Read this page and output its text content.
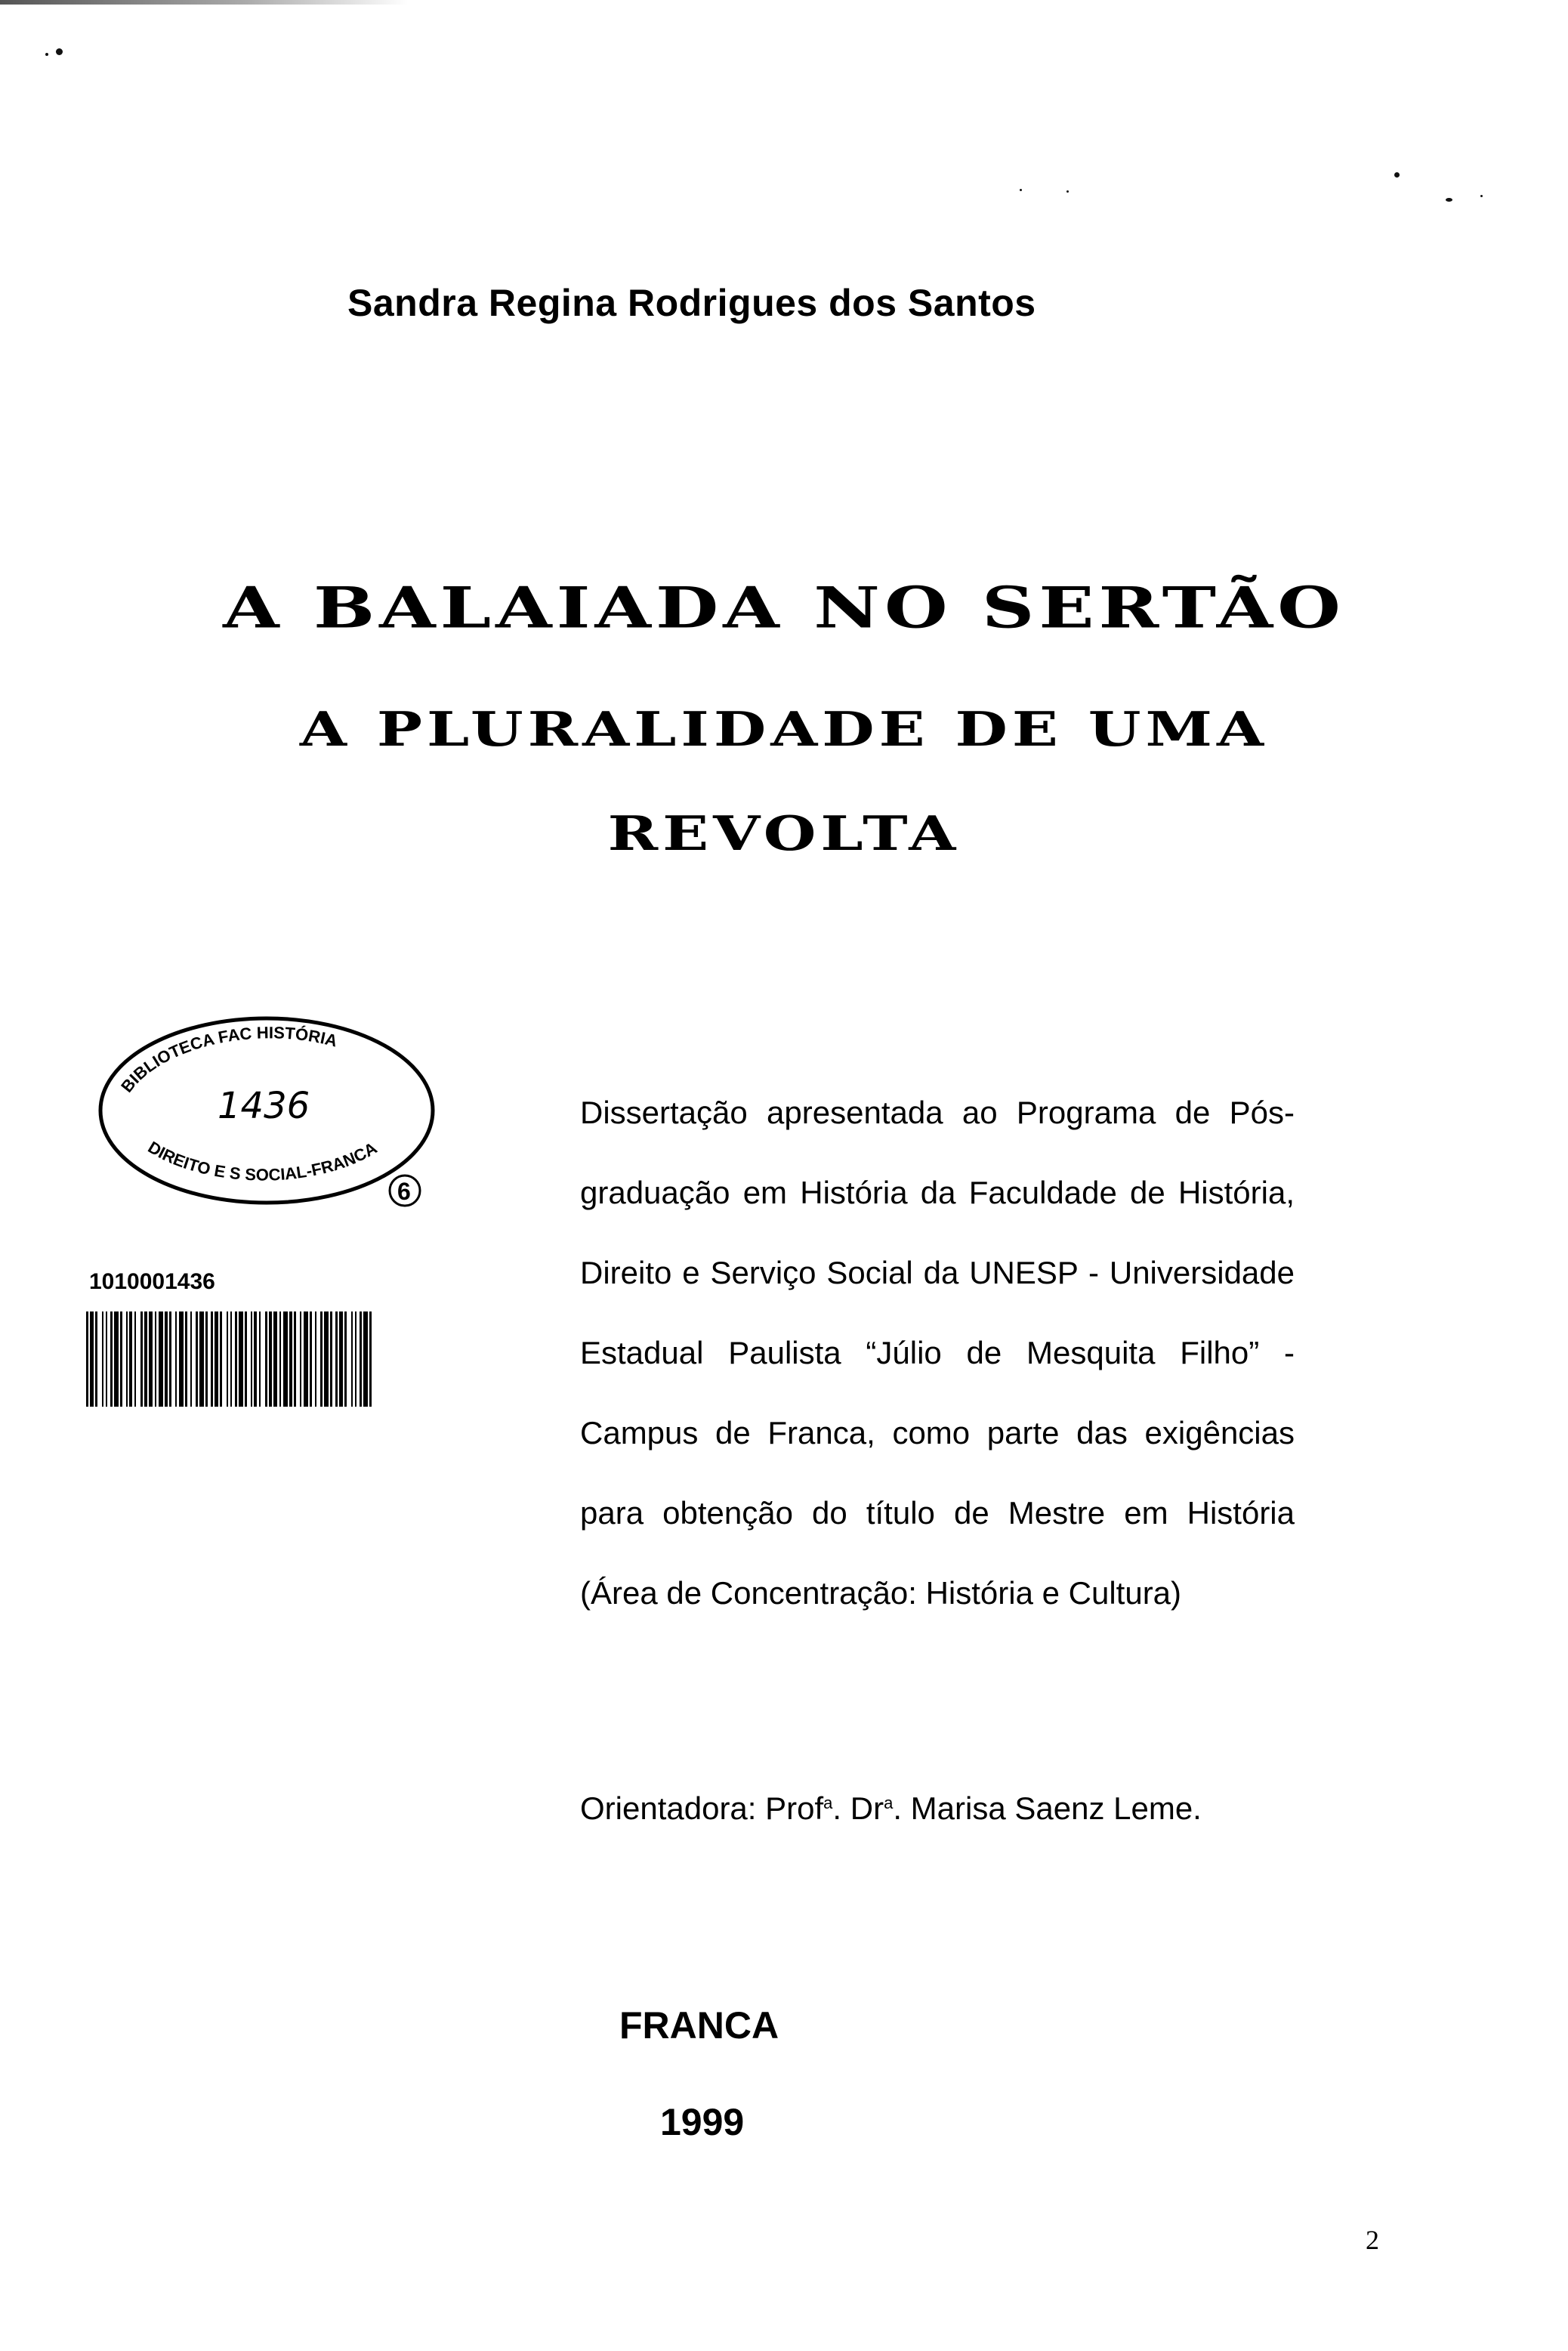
Sandra Regina Rodrigues dos Santos
A BALAIADA NO SERTÃO
A PLURALIDADE DE UMA
REVOLTA
BIBLIOTECA FAC HISTÓRIA
DIREITO E S SOCIAL-FRANCA
1436
6
1010001436
Dissertação apresentada ao Programa de Pós-graduação em História da Faculdade de História, Direito e Serviço Social da UNESP - Universidade Estadual Paulista “Júlio de Mesquita Filho” - Campus de Franca, como parte das exigências para obtenção do título de Mestre em História (Área de Concentração: História e Cultura)
Orientadora: Prof$^a$. Dr$^a$. Marisa Saenz Leme.
FRANCA
1999
2
